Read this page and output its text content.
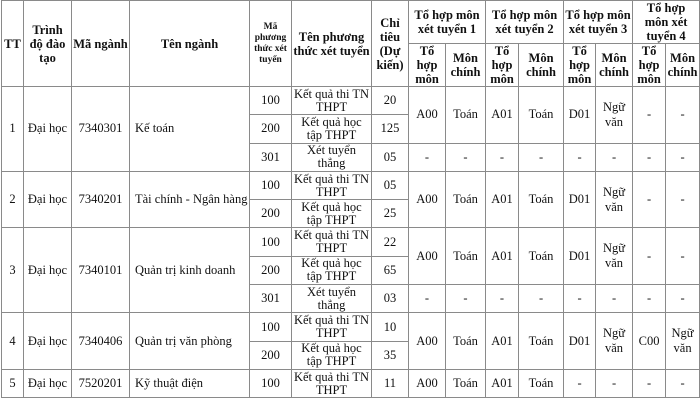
TT	Trình độ đào tạo	Mã ngành	Tên ngành	Mã phương thức xét tuyển	Tên phương thức xét tuyển	Chỉ tiêu (Dự kiến)	Tổ hợp môn xét tuyển 1		Tổ hợp môn xét tuyển 2		Tổ hợp môn xét tuyển 3		Tổ hợp môn xét tuyển 4	
							Tổ hợp môn	Môn chính	Tổ hợp môn	Môn chính	Tổ hợp môn	Môn chính	Tổ hợp môn	Môn chính
1	Đại học	7340301	Kế toán	100	Kết quả thi TN THPT	20	A00	Toán	A01	Toán	D01	Ngữ văn	-	-
				200	Kết quả học tập THPT	125								
				301	Xét tuyển thẳng	05	-	-	-	-	-	-	-	-
2	Đại học	7340201	Tài chính - Ngân hàng	100	Kết quả thi TN THPT	05	A00	Toán	A01	Toán	D01	Ngữ văn	-	-
				200	Kết quả học tập THPT	25								
3	Đại học	7340101	Quản trị kinh doanh	100	Kết quả thi TN THPT	22	A00	Toán	A01	Toán	D01	Ngữ văn	-	-
				200	Kết quả học tập THPT	65								
				301	Xét tuyển thẳng	03	-	-	-	-	-	-	-	-
4	Đại học	7340406	Quản trị văn phòng	100	Kết quả thi TN THPT	10	A00	Toán	A01	Toán	D01	Ngữ văn	C00	Ngữ văn
				200	Kết quả học tập THPT	35								
5	Đại học	7520201	Kỹ thuật điện	100	Kết quả thi TN THPT	11	A00	Toán	A01	Toán	-	-	-	-
